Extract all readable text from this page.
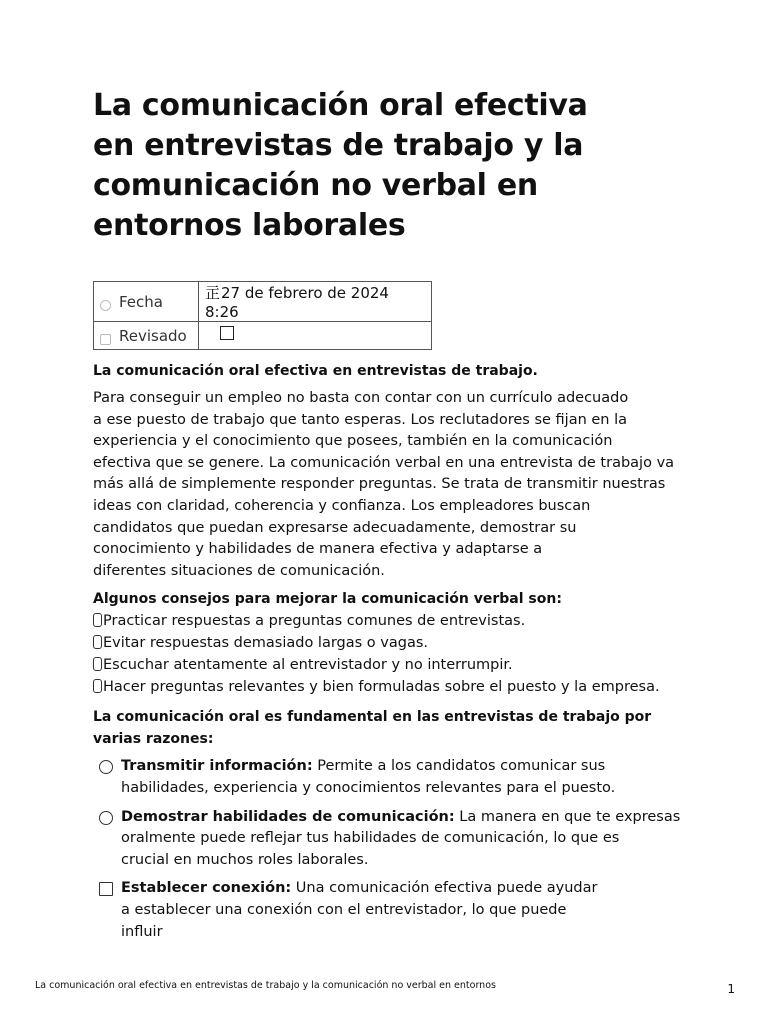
La comunicación oral efectiva
en entrevistas de trabajo y la
comunicación no verbal en
entornos laborales
Fecha	㱏27 de febrero de 2024 8:26
Revisado	

La comunicación oral efectiva en entrevistas de trabajo.

Para conseguir un empleo no basta con contar con un currículo adecuado
a ese puesto de trabajo que tanto esperas. Los reclutadores se fijan en la
experiencia y el conocimiento que posees, también en la comunicación
efectiva que se genere. La comunicación verbal en una entrevista de trabajo va
más allá de simplemente responder preguntas. Se trata de transmitir nuestras
ideas con claridad, coherencia y confianza. Los empleadores buscan
candidatos que puedan expresarse adecuadamente, demostrar su
conocimiento y habilidades de manera efectiva y adaptarse a
diferentes situaciones de comunicación.

Algunos consejos para mejorar la comunicación verbal son:

Practicar respuestas a preguntas comunes de entrevistas.
Evitar respuestas demasiado largas o vagas.
Escuchar atentamente al entrevistador y no interrumpir.
Hacer preguntas relevantes y bien formuladas sobre el puesto y la empresa.

La comunicación oral es fundamental en las entrevistas de trabajo por varias razones:

Transmitir información: Permite a los candidatos comunicar sus
habilidades, experiencia y conocimientos relevantes para el puesto.
Demostrar habilidades de comunicación: La manera en que te expresas
oralmente puede reflejar tus habilidades de comunicación, lo que es
crucial en muchos roles laborales.
Establecer conexión: Una comunicación efectiva puede ayudar
a establecer una conexión con el entrevistador, lo que puede
influir
La comunicación oral efectiva en entrevistas de trabajo y la comunicación no verbal en entornos	1
